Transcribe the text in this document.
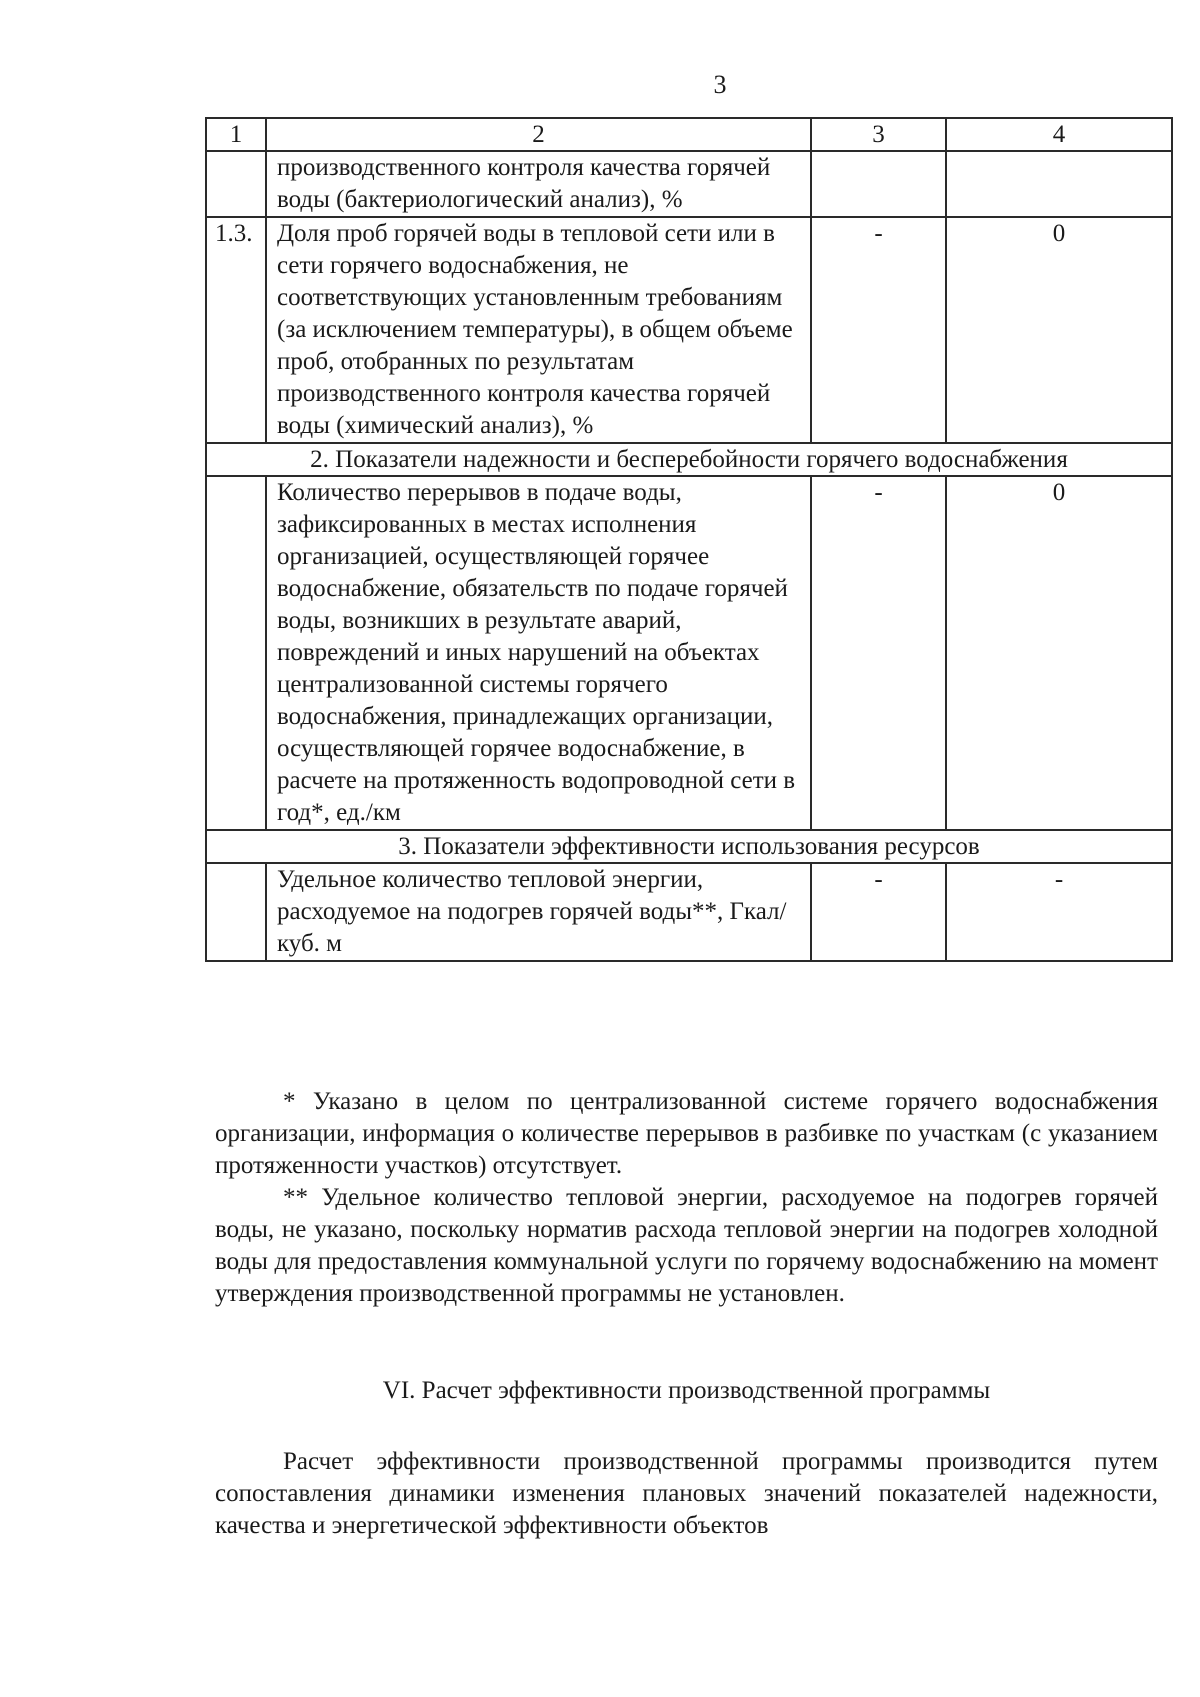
3
1	2	3	4
	производственного контроля качества горячей воды (бактериологический анализ), %		
1.3.	Доля проб горячей воды в тепловой сети или в сети горячего водоснабжения, не соответствующих установленным требованиям (за исключением температуры), в общем объеме проб, отобранных по результатам производственного контроля качества горячей воды (химический анализ), %	-	0
2. Показатели надежности и бесперебойности горячего водоснабжения			
	Количество перерывов в подаче воды, зафиксированных в местах исполнения организацией, осуществляющей горячее водоснабжение, обязательств по подаче горячей воды, возникших в результате аварий, повреждений и иных нарушений на объектах централизованной системы горячего водоснабжения, принадлежащих организации, осуществляющей горячее водоснабжение, в расчете на протяженность водопроводной сети в год*, ед./км	-	0
3. Показатели эффективности использования ресурсов			
	Удельное количество тепловой энергии, расходуемое на подогрев горячей воды**, Гкал/куб. м	-	-

* Указано в целом по централизованной системе горячего водоснабжения организации, информация о количестве перерывов в разбивке по участкам (с указанием протяженности участков) отсутствует.

** Удельное количество тепловой энергии, расходуемое на подогрев горячей воды, не указано, поскольку норматив расхода тепловой энергии на подогрев холодной воды для предоставления коммунальной услуги по горячему водоснабжению на момент утверждения производственной программы не установлен.

VI. Расчет эффективности производственной программы

Расчет эффективности производственной программы производится путем сопоставления динамики изменения плановых значений показателей надежности, качества и энергетической эффективности объектов
